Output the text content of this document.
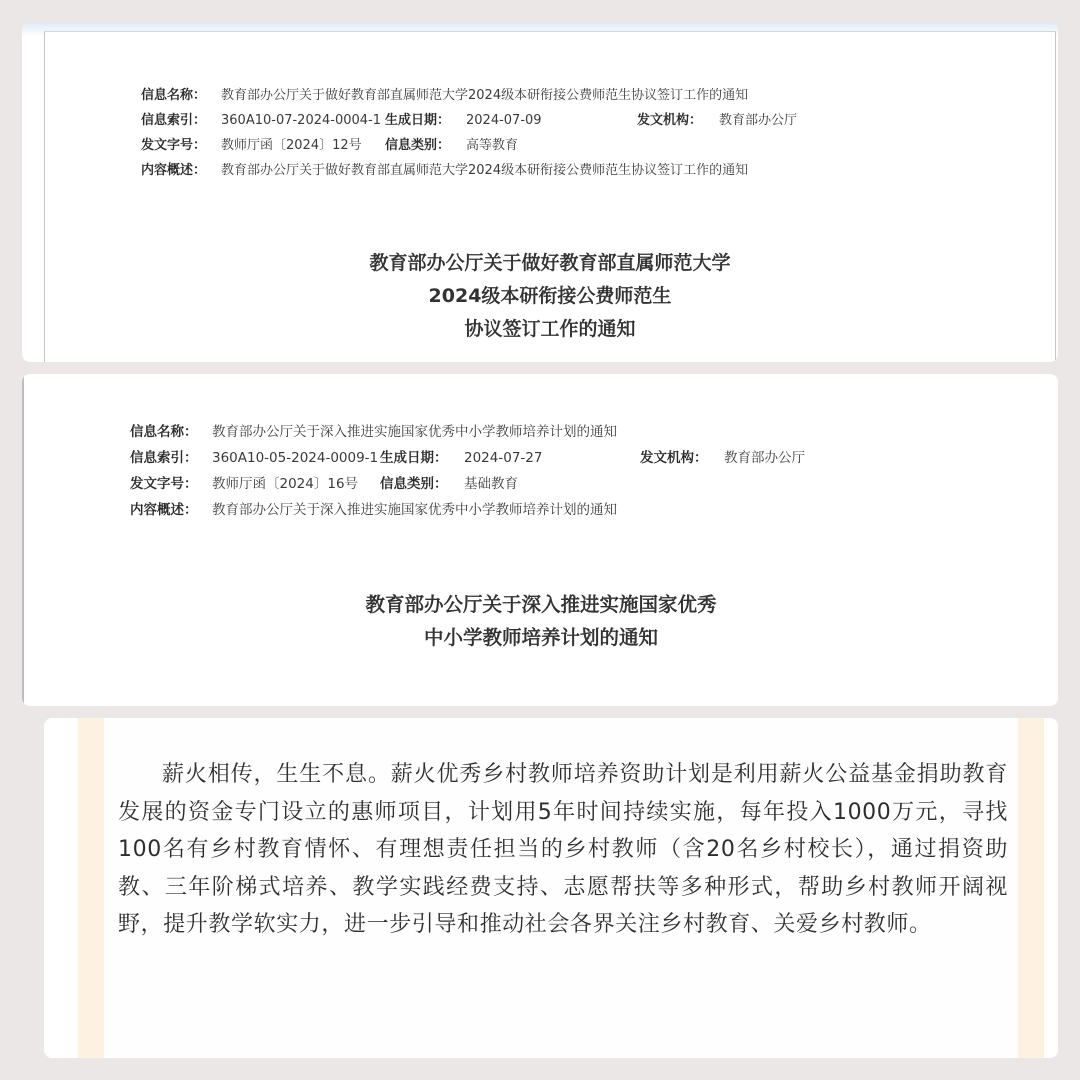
信息名称： 教育部办公厅关于做好教育部直属师范大学2024级本研衔接公费师范生协议签订工作的通知
信息索引： 360A10-07-2024-0004-1 生成日期： 2024-07-09	发文机构： 教育部办公厅
发文字号： 教师厅函〔2024〕12号 信息类别： 高等教育
内容概述： 教育部办公厅关于做好教育部直属师范大学2024级本研衔接公费师范生协议签订工作的通知
教育部办公厅关于做好教育部直属师范大学
2024级本研衔接公费师范生
协议签订工作的通知
信息名称： 教育部办公厅关于深入推进实施国家优秀中小学教师培养计划的通知
信息索引： 360A10-05-2024-0009-1 生成日期： 2024-07-27	发文机构： 教育部办公厅
发文字号： 教师厅函〔2024〕16号 信息类别： 基础教育
内容概述： 教育部办公厅关于深入推进实施国家优秀中小学教师培养计划的通知
教育部办公厅关于深入推进实施国家优秀
中小学教师培养计划的通知

薪火相传，生生不息。薪火优秀乡村教师培养资助计划是利用薪火公益基金捐助教育发展的资金专门设立的惠师项目，计划用5年时间持续实施，每年投入1000万元，寻找100名有乡村教育情怀、有理想责任担当的乡村教师（含20名乡村校长），通过捐资助教、三年阶梯式培养、教学实践经费支持、志愿帮扶等多种形式，帮助乡村教师开阔视野，提升教学软实力，进一步引导和推动社会各界关注乡村教育、关爱乡村教师。
